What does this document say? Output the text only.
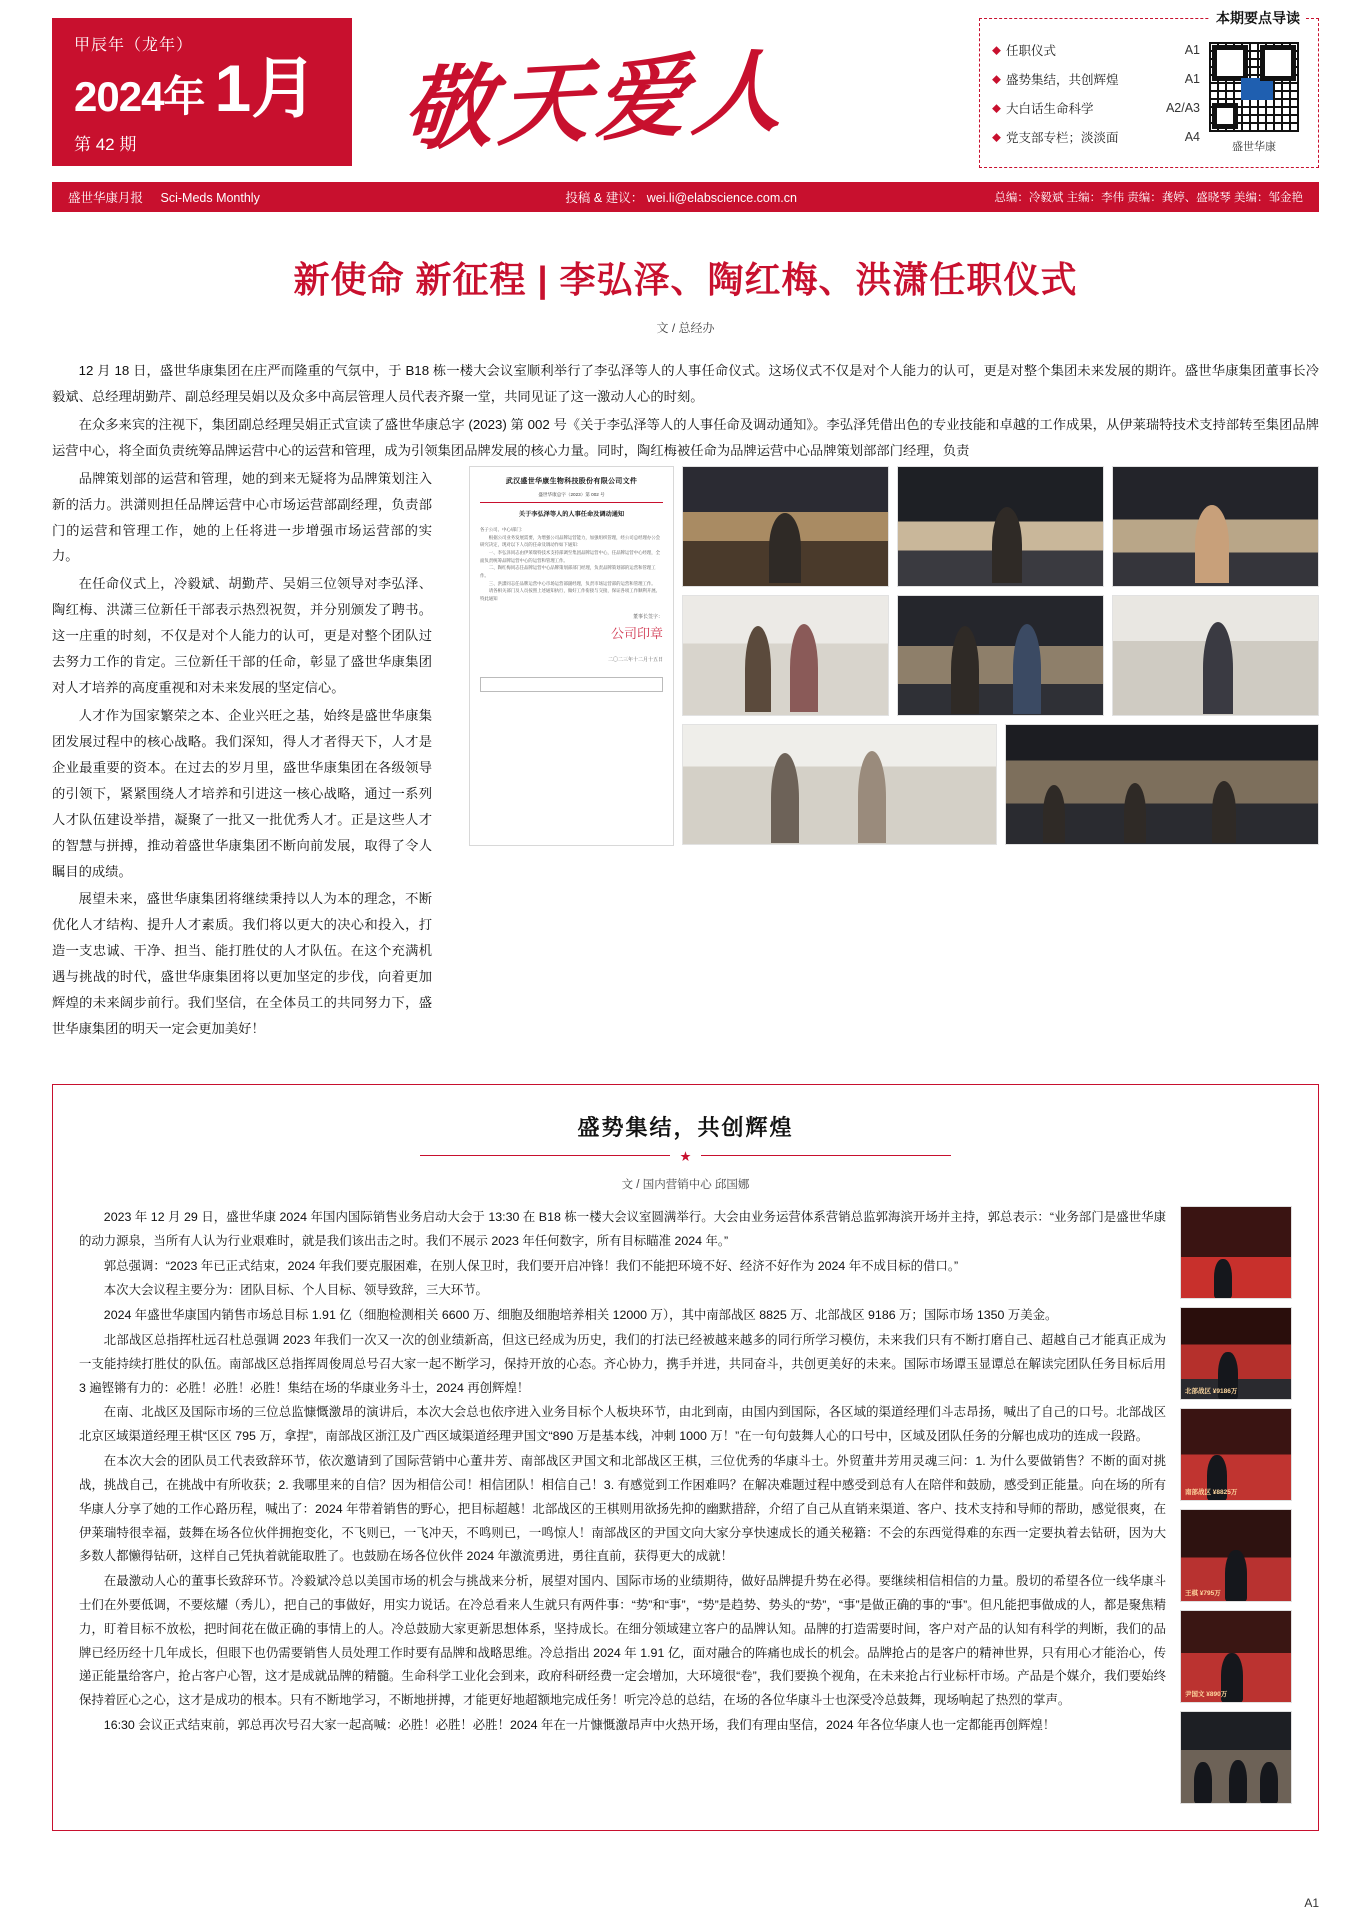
甲辰年（龙年）
2024年 1月
第 42 期	敬天爱人
本期要点导读
◆ 任职仪式	A1
◆ 盛势集结，共创辉煌	A1
◆ 大白话生命科学	A2/A3
◆ 党支部专栏；淡淡面	A4
盛世华康
盛世华康月报 Sci-Meds Monthly	投稿 & 建议： wei.li@elabscience.com.cn	总编：冷毅斌 主编：李伟 责编：龚婷、盛晓琴 美编：邹金艳
新使命 新征程 | 李弘泽、陶红梅、洪潇任职仪式
文 / 总经办

12 月 18 日，盛世华康集团在庄严而隆重的气氛中，于 B18 栋一楼大会议室顺利举行了李弘泽等人的人事任命仪式。这场仪式不仅是对个人能力的认可，更是对整个集团未来发展的期许。盛世华康集团董事长冷毅斌、总经理胡勤芹、副总经理吴娟以及众多中高层管理人员代表齐聚一堂，共同见证了这一激动人心的时刻。

在众多来宾的注视下，集团副总经理吴娟正式宣读了盛世华康总字 (2023) 第 002 号《关于李弘泽等人的人事任命及调动通知》。李弘泽凭借出色的专业技能和卓越的工作成果，从伊莱瑞特技术支持部转至集团品牌运营中心，将全面负责统筹品牌运营中心的运营和管理，成为引领集团品牌发展的核心力量。同时，陶红梅被任命为品牌运营中心品牌策划部部门经理，负责

武汉盛世华康生物科技股份有限公司文件
盛世华康总字（2023）第 002 号
关于李弘泽等人的人事任命及调动通知
各子公司、中心/部门：
根据公司业务发展需要，为增强公司品牌运营能力，加强组织管理，经公司总经理办公会研究决定，现对以下人员的任命及调动作如下通知：
一、李弘泽同志由伊莱瑞特技术支持部调至集团品牌运营中心，任品牌运营中心经理，全面负责统筹品牌运营中心的运营和管理工作。
二、陶红梅同志任品牌运营中心品牌策划部部门经理，负责品牌策划部的运营和管理工作。
三、洪潇同志任品牌运营中心市场运营部副经理，负责市场运营部的运营和管理工作。
请各相关部门及人员按照上述通知执行，做好工作衔接与交接，保证各项工作顺利开展。
特此通知
董事长签字：
公司印章
二〇二三年十二月十五日

品牌策划部的运营和管理，她的到来无疑将为品牌策划注入新的活力。洪潇则担任品牌运营中心市场运营部副经理，负责部门的运营和管理工作，她的上任将进一步增强市场运营部的实力。

在任命仪式上，冷毅斌、胡勤芹、吴娟三位领导对李弘泽、陶红梅、洪潇三位新任干部表示热烈祝贺，并分别颁发了聘书。这一庄重的时刻，不仅是对个人能力的认可，更是对整个团队过去努力工作的肯定。三位新任干部的任命，彰显了盛世华康集团对人才培养的高度重视和对未来发展的坚定信心。

人才作为国家繁荣之本、企业兴旺之基，始终是盛世华康集团发展过程中的核心战略。我们深知，得人才者得天下，人才是企业最重要的资本。在过去的岁月里，盛世华康集团在各级领导的引领下，紧紧围绕人才培养和引进这一核心战略，通过一系列人才队伍建设举措，凝聚了一批又一批优秀人才。正是这些人才的智慧与拼搏，推动着盛世华康集团不断向前发展，取得了令人瞩目的成绩。

展望未来，盛世华康集团将继续秉持以人为本的理念，不断优化人才结构、提升人才素质。我们将以更大的决心和投入，打造一支忠诚、干净、担当、能打胜仗的人才队伍。在这个充满机遇与挑战的时代，盛世华康集团将以更加坚定的步伐，向着更加辉煌的未来阔步前行。我们坚信，在全体员工的共同努力下，盛世华康集团的明天一定会更加美好！

盛势集结，共创辉煌
★
文 / 国内营销中心 邱国娜

2023 年 12 月 29 日，盛世华康 2024 年国内国际销售业务启动大会于 13:30 在 B18 栋一楼大会议室圆满举行。大会由业务运营体系营销总监郭海滨开场并主持，郭总表示：“业务部门是盛世华康的动力源泉，当所有人认为行业艰难时，就是我们该出击之时。我们不展示 2023 年任何数字，所有目标瞄准 2024 年。”

郭总强调：“2023 年已正式结束，2024 年我们要克服困难，在别人保卫时，我们要开启冲锋！我们不能把环境不好、经济不好作为 2024 年不成目标的借口。”

本次大会议程主要分为：团队目标、个人目标、领导致辞，三大环节。

2024 年盛世华康国内销售市场总目标 1.91 亿（细胞检测相关 6600 万、细胞及细胞培养相关 12000 万），其中南部战区 8825 万、北部战区 9186 万；国际市场 1350 万美金。

北部战区总指挥杜远召杜总强调 2023 年我们一次又一次的创业绩新高，但这已经成为历史，我们的打法已经被越来越多的同行所学习模仿，未来我们只有不断打磨自己、超越自己才能真正成为一支能持续打胜仗的队伍。南部战区总指挥周俊周总号召大家一起不断学习，保持开放的心态。齐心协力，携手并进，共同奋斗，共创更美好的未来。国际市场谭玉显谭总在解读完团队任务目标后用 3 遍铿锵有力的：必胜！必胜！必胜！集结在场的华康业务斗士，2024 再创辉煌！

在南、北战区及国际市场的三位总监慷慨激昂的演讲后，本次大会总也依序进入业务目标个人板块环节，由北到南，由国内到国际，各区域的渠道经理们斗志昂扬，喊出了自己的口号。北部战区北京区域渠道经理王棋“区区 795 万，拿捏”，南部战区浙江及广西区域渠道经理尹国文“890 万是基本线，冲刺 1000 万！”在一句句鼓舞人心的口号中，区域及团队任务的分解也成功的连成一段路。

在本次大会的团队员工代表致辞环节，依次邀请到了国际营销中心董井芳、南部战区尹国文和北部战区王棋，三位优秀的华康斗士。外贸董井芳用灵魂三问：1. 为什么要做销售？不断的面对挑战，挑战自己，在挑战中有所收获；2. 我哪里来的自信？因为相信公司！相信团队！相信自己！3. 有感觉到工作困难吗？在解决难题过程中感受到总有人在陪伴和鼓励，感受到正能量。向在场的所有华康人分享了她的工作心路历程，喊出了：2024 年带着销售的野心，把目标超越！北部战区的王棋则用欲扬先抑的幽默措辞，介绍了自己从直销来渠道、客户、技术支持和导师的帮助，感觉很爽，在伊莱瑞特很幸福，鼓舞在场各位伙伴拥抱变化，不飞则已，一飞冲天，不鸣则已，一鸣惊人！南部战区的尹国文向大家分享快速成长的通关秘籍：不会的东西觉得难的东西一定要执着去钻研，因为大多数人都懒得钻研，这样自己凭执着就能取胜了。也鼓励在场各位伙伴 2024 年激流勇进，勇往直前，获得更大的成就！

在最激动人心的董事长致辞环节。冷毅斌冷总以美国市场的机会与挑战来分析，展望对国内、国际市场的业绩期待，做好品牌提升势在必得。要继续相信相信的力量。殷切的希望各位一线华康斗士们在外要低调，不要炫耀（秀儿），把自己的事做好，用实力说话。在冷总看来人生就只有两件事：“势”和“事”，“势”是趋势、势头的“势”，“事”是做正确的事的“事”。但凡能把事做成的人，都是聚焦精力，盯着目标不放松，把时间花在做正确的事情上的人。冷总鼓励大家更新思想体系，坚持成长。在细分领域建立客户的品牌认知。品牌的打造需要时间，客户对产品的认知有科学的判断，我们的品牌已经历经十几年成长，但眼下也仍需要销售人员处理工作时要有品牌和战略思维。冷总指出 2024 年 1.91 亿，面对融合的阵痛也成长的机会。品牌抢占的是客户的精神世界，只有用心才能治心，传递正能量给客户，抢占客户心智，这才是成就品牌的精髓。生命科学工业化会到来，政府科研经费一定会增加，大环境很“卷”，我们要换个视角，在未来抢占行业标杆市场。产品是个媒介，我们要始终保持着匠心之心，这才是成功的根本。只有不断地学习，不断地拼搏，才能更好地超额地完成任务！听完冷总的总结，在场的各位华康斗士也深受冷总鼓舞，现场响起了热烈的掌声。

16:30 会议正式结束前，郭总再次号召大家一起高喊：必胜！必胜！必胜！2024 年在一片慷慨激昂声中火热开场，我们有理由坚信，2024 年各位华康人也一定都能再创辉煌！

北部战区 ¥9186万
南部战区 ¥8825万
王棋 ¥795万
尹国文 ¥890万
A1
